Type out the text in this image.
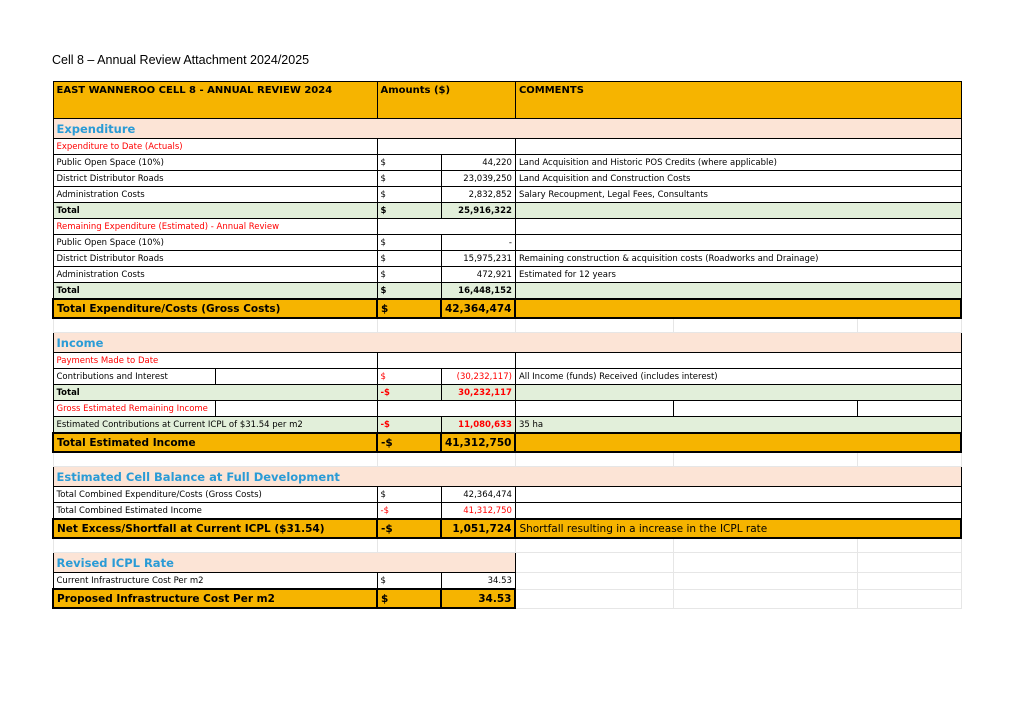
Cell 8 – Annual Review Attachment 2024/2025
EAST WANNEROO CELL 8 - ANNUAL REVIEW 2024		Amounts ($)		COMMENTS		
Expenditure						
Expenditure to Date (Actuals)						
Public Open Space (10%)		$	44,220	Land Acquisition and Historic POS Credits (where applicable)		
District Distributor Roads		$	23,039,250	Land Acquisition and Construction Costs		
Administration Costs		$	2,832,852	Salary Recoupment, Legal Fees, Consultants		
Total		$	25,916,322			
Remaining Expenditure (Estimated) - Annual Review						
Public Open Space (10%)		$	-			
District Distributor Roads		$	15,975,231	Remaining construction & acquisition costs (Roadworks and Drainage)		
Administration Costs		$	472,921	Estimated for 12 years		
Total		$	16,448,152			
Total Expenditure/Costs (Gross Costs)		$	42,364,474			

Income						
Payments Made to Date						
Contributions and Interest		$	(30,232,117)	All Income (funds) Received (includes interest)		
Total		-$	30,232,117			
Gross Estimated Remaining Income						
Estimated Contributions at Current ICPL of $31.54 per m2		-$	11,080,633	35 ha		
Total Estimated Income		-$	41,312,750			

Estimated Cell Balance at Full Development						
Total Combined Expenditure/Costs (Gross Costs)		$	42,364,474			
Total Combined Estimated Income		-$	41,312,750			
Net Excess/Shortfall at Current ICPL ($31.54)		-$	1,051,724	Shortfall resulting in a increase in the ICPL rate		

Revised ICPL Rate						
Current Infrastructure Cost Per m2		$	34.53			
Proposed Infrastructure Cost Per m2		$	34.53			
